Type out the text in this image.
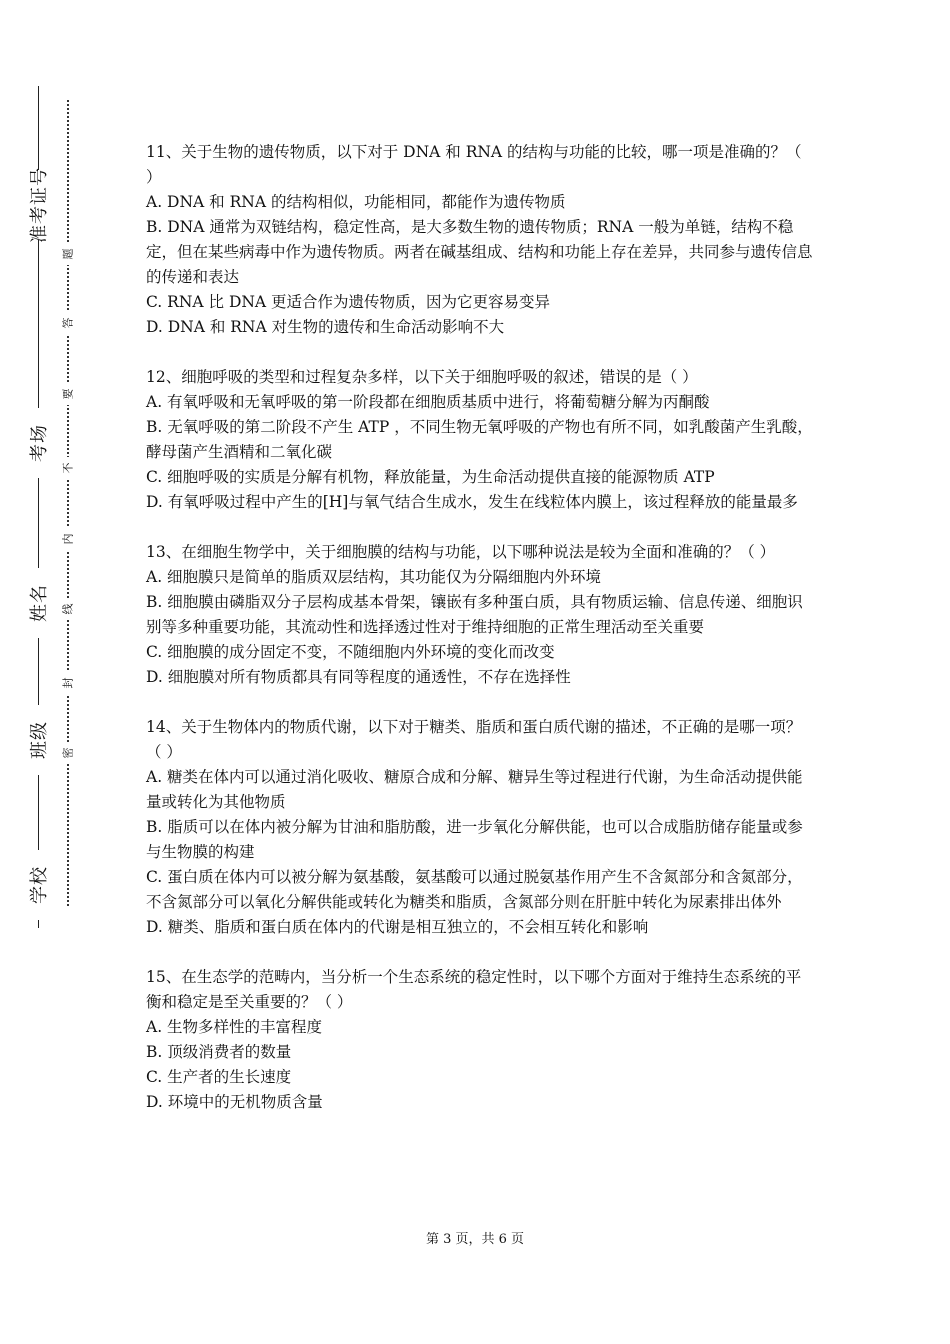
准考证号
考场
姓名
班级
学校
题
答
要
不
内
线
封
密

11、关于生物的遗传物质，以下对于 DNA 和 RNA 的结构与功能的比较，哪一项是准确的？（ ）

A. DNA 和 RNA 的结构相似，功能相同，都能作为遗传物质

B. DNA 通常为双链结构，稳定性高，是大多数生物的遗传物质；RNA 一般为单链，结构不稳定，但在某些病毒中作为遗传物质。两者在碱基组成、结构和功能上存在差异，共同参与遗传信息的传递和表达

C. RNA 比 DNA 更适合作为遗传物质，因为它更容易变异

D. DNA 和 RNA 对生物的遗传和生命活动影响不大

12、细胞呼吸的类型和过程复杂多样，以下关于细胞呼吸的叙述，错误的是（ ）

A. 有氧呼吸和无氧呼吸的第一阶段都在细胞质基质中进行，将葡萄糖分解为丙酮酸

B. 无氧呼吸的第二阶段不产生 ATP ，不同生物无氧呼吸的产物也有所不同，如乳酸菌产生乳酸，酵母菌产生酒精和二氧化碳

C. 细胞呼吸的实质是分解有机物，释放能量，为生命活动提供直接的能源物质 ATP

D. 有氧呼吸过程中产生的[H]与氧气结合生成水，发生在线粒体内膜上，该过程释放的能量最多

13、在细胞生物学中，关于细胞膜的结构与功能，以下哪种说法是较为全面和准确的？（ ）

A. 细胞膜只是简单的脂质双层结构，其功能仅为分隔细胞内外环境

B. 细胞膜由磷脂双分子层构成基本骨架，镶嵌有多种蛋白质，具有物质运输、信息传递、细胞识别等多种重要功能，其流动性和选择透过性对于维持细胞的正常生理活动至关重要

C. 细胞膜的成分固定不变，不随细胞内外环境的变化而改变

D. 细胞膜对所有物质都具有同等程度的通透性，不存在选择性

14、关于生物体内的物质代谢，以下对于糖类、脂质和蛋白质代谢的描述，不正确的是哪一项？（ ）

A. 糖类在体内可以通过消化吸收、糖原合成和分解、糖异生等过程进行代谢，为生命活动提供能量或转化为其他物质

B. 脂质可以在体内被分解为甘油和脂肪酸，进一步氧化分解供能，也可以合成脂肪储存能量或参与生物膜的构建

C. 蛋白质在体内可以被分解为氨基酸，氨基酸可以通过脱氨基作用产生不含氮部分和含氮部分，不含氮部分可以氧化分解供能或转化为糖类和脂质，含氮部分则在肝脏中转化为尿素排出体外

D. 糖类、脂质和蛋白质在体内的代谢是相互独立的，不会相互转化和影响

15、在生态学的范畴内，当分析一个生态系统的稳定性时，以下哪个方面对于维持生态系统的平衡和稳定是至关重要的？（ ）

A. 生物多样性的丰富程度

B. 顶级消费者的数量

C. 生产者的生长速度

D. 环境中的无机物质含量

第 3 页，共 6 页
